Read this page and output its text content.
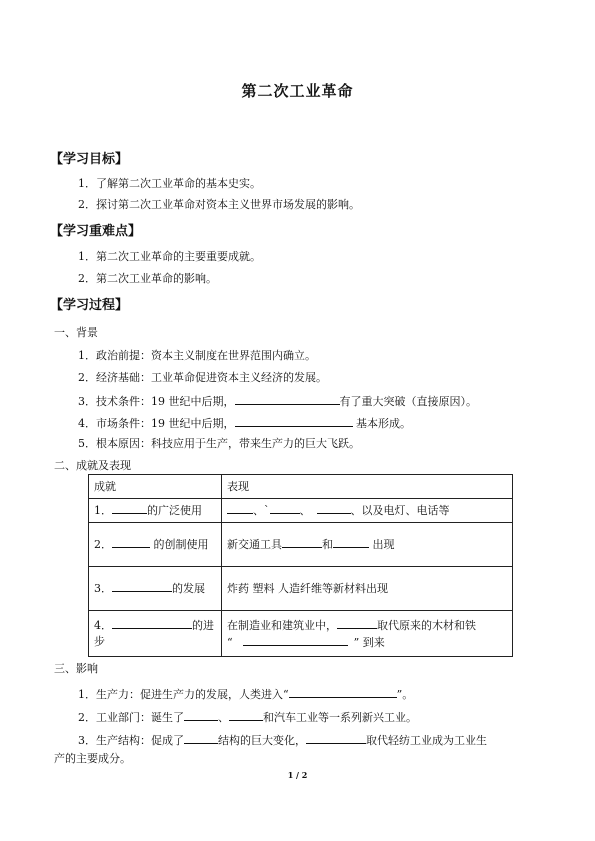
第二次工业革命
【学习目标】
1．了解第二次工业革命的基本史实。
2．探讨第二次工业革命对资本主义世界市场发展的影响。
【学习重难点】
1．第二次工业革命的主要重要成就。
2．第二次工业革命的影响。
【学习过程】
一、背景
1．政治前提：资本主义制度在世界范围内确立。
2．经济基础：工业革命促进资本主义经济的发展。
3．技术条件：19 世纪中后期，	有了重大突破（直接原因）。
4．市场条件：19 世纪中后期，	基本形成。
5．根本原因：科技应用于生产，带来生产力的巨大飞跃。
二、成就及表现
成就	表现
1． 的广泛使用	、` 、 、以及电灯、电话等
2． 的创制使用	新交通工具 和 出现
3． 的发展	炸药 塑料 人造纤维等新材料出现
4． 的进步	在制造业和建筑业中， 取代原来的木材和铁
“ ” 到来
三、影响
1．生产力：促进生产力的发展，人类进入“	”。
2．工业部门：诞生了	、	和汽车工业等一系列新兴工业。
3．生产结构：促成了	结构的巨大变化，	取代轻纺工业成为工业生
产的主要成分。
1 / 2
